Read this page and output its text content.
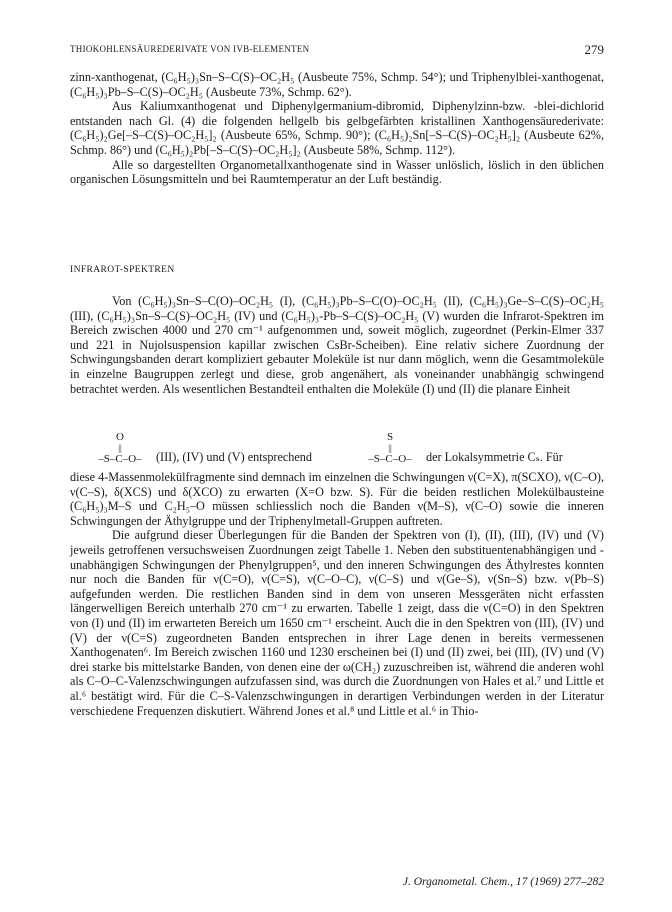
THIOKOHLENSÄUREDERIVATE VON IVB-ELEMENTEN	279

zinn-xanthogenat, (C₆H₅)₃Sn–S–C(S)–OC₂H₅ (Ausbeute 75%, Schmp. 54°); und Triphenylblei-xanthogenat, (C₆H₅)₃Pb–S–C(S)–OC₂H₅ (Ausbeute 73%, Schmp. 62°).

Aus Kaliumxanthogenat und Diphenylgermanium-dibromid, Diphenylzinn-bzw. -blei-dichlorid entstanden nach Gl. (4) die folgenden hellgelb bis gelbgefärbten kristallinen Xanthogensäurederivate: (C₆H₅)₂Ge[–S–C(S)–OC₂H₅]₂ (Ausbeute 65%, Schmp. 90°); (C₆H₅)₂Sn[–S–C(S)–OC₂H₅]₂ (Ausbeute 62%, Schmp. 86°) und (C₆H₅)₂Pb[–S–C(S)–OC₂H₅]₂ (Ausbeute 58%, Schmp. 112°).

Alle so dargestellten Organometallxanthogenate sind in Wasser unlöslich, löslich in den üblichen organischen Lösungsmitteln und bei Raumtemperatur an der Luft beständig.

INFRAROT-SPEKTREN

Von (C₆H₅)₃Sn–S–C(O)–OC₂H₅ (I), (C₆H₅)₃Pb–S–C(O)–OC₂H₅ (II), (C₆H₅)₃Ge–S–C(S)–OC₂H₅ (III), (C₆H₅)₃Sn–S–C(S)–OC₂H₅ (IV) und (C₆H₅)₃-Pb–S–C(S)–OC₂H₅ (V) wurden die Infrarot-Spektren im Bereich zwischen 4000 und 270 cm⁻¹ aufgenommen und, soweit möglich, zugeordnet (Perkin-Elmer 337 und 221 in Nujolsuspension kapillar zwischen CsBr-Scheiben). Eine relativ sichere Zuordnung der Schwingungsbanden derart kompliziert gebauter Moleküle ist nur dann möglich, wenn die Gesamtmoleküle in einzelne Baugruppen zerlegt und diese, grob angenähert, als voneinander unabhängig schwingend betrachtet werden. Als wesentlichen Bestandteil enthalten die Moleküle (I) und (II) die planare Einheit

O
||
–S–C–O–	(III), (IV) und (V) entsprechend
S
||
–S–C–O–	der Lokalsymmetrie Cₛ. Für

diese 4-Massenmolekülfragmente sind demnach im einzelnen die Schwingungen ν(C=X), π(SCXO), ν(C–O), ν(C–S), δ(XCS) und δ(XCO) zu erwarten (X=O bzw. S). Für die beiden restlichen Molekülbausteine (C₆H₅)₃M–S und C₂H₅–O müssen schliesslich noch die Banden ν(M–S), ν(C–O) sowie die inneren Schwingungen der Äthylgruppe und der Triphenylmetall-Gruppen auftreten.

Die aufgrund dieser Überlegungen für die Banden der Spektren von (I), (II), (III), (IV) und (V) jeweils getroffenen versuchsweisen Zuordnungen zeigt Tabelle 1. Neben den substituentenabhängigen und -unabhängigen Schwingungen der Phenylgruppen⁵, und den inneren Schwingungen des Äthylrestes konnten nur noch die Banden für ν(C=O), ν(C=S), ν(C–O–C), ν(C–S) und ν(Ge–S), ν(Sn–S) bzw. ν(Pb–S) aufgefunden werden. Die restlichen Banden sind in dem von unseren Messgeräten nicht erfassten längerwelligen Bereich unterhalb 270 cm⁻¹ zu erwarten. Tabelle 1 zeigt, dass die ν(C=O) in den Spektren von (I) und (II) im erwarteten Bereich um 1650 cm⁻¹ erscheint. Auch die in den Spektren von (III), (IV) und (V) der ν(C=S) zugeordneten Banden entsprechen in ihrer Lage denen in bereits vermessenen Xanthogenaten⁶. Im Bereich zwischen 1160 und 1230 erscheinen bei (I) und (II) zwei, bei (III), (IV) und (V) drei starke bis mittelstarke Banden, von denen eine der ω(CH₂) zuzuschreiben ist, während die anderen wohl als C–O–C-Valenzschwingungen aufzufassen sind, was durch die Zuordnungen von Hales et al.⁷ und Little et al.⁶ bestätigt wird. Für die C–S-Valenzschwingungen in derartigen Verbindungen werden in der Literatur verschiedene Frequenzen diskutiert. Während Jones et al.⁸ und Little et al.⁶ in Thio-

J. Organometal. Chem., 17 (1969) 277–282
